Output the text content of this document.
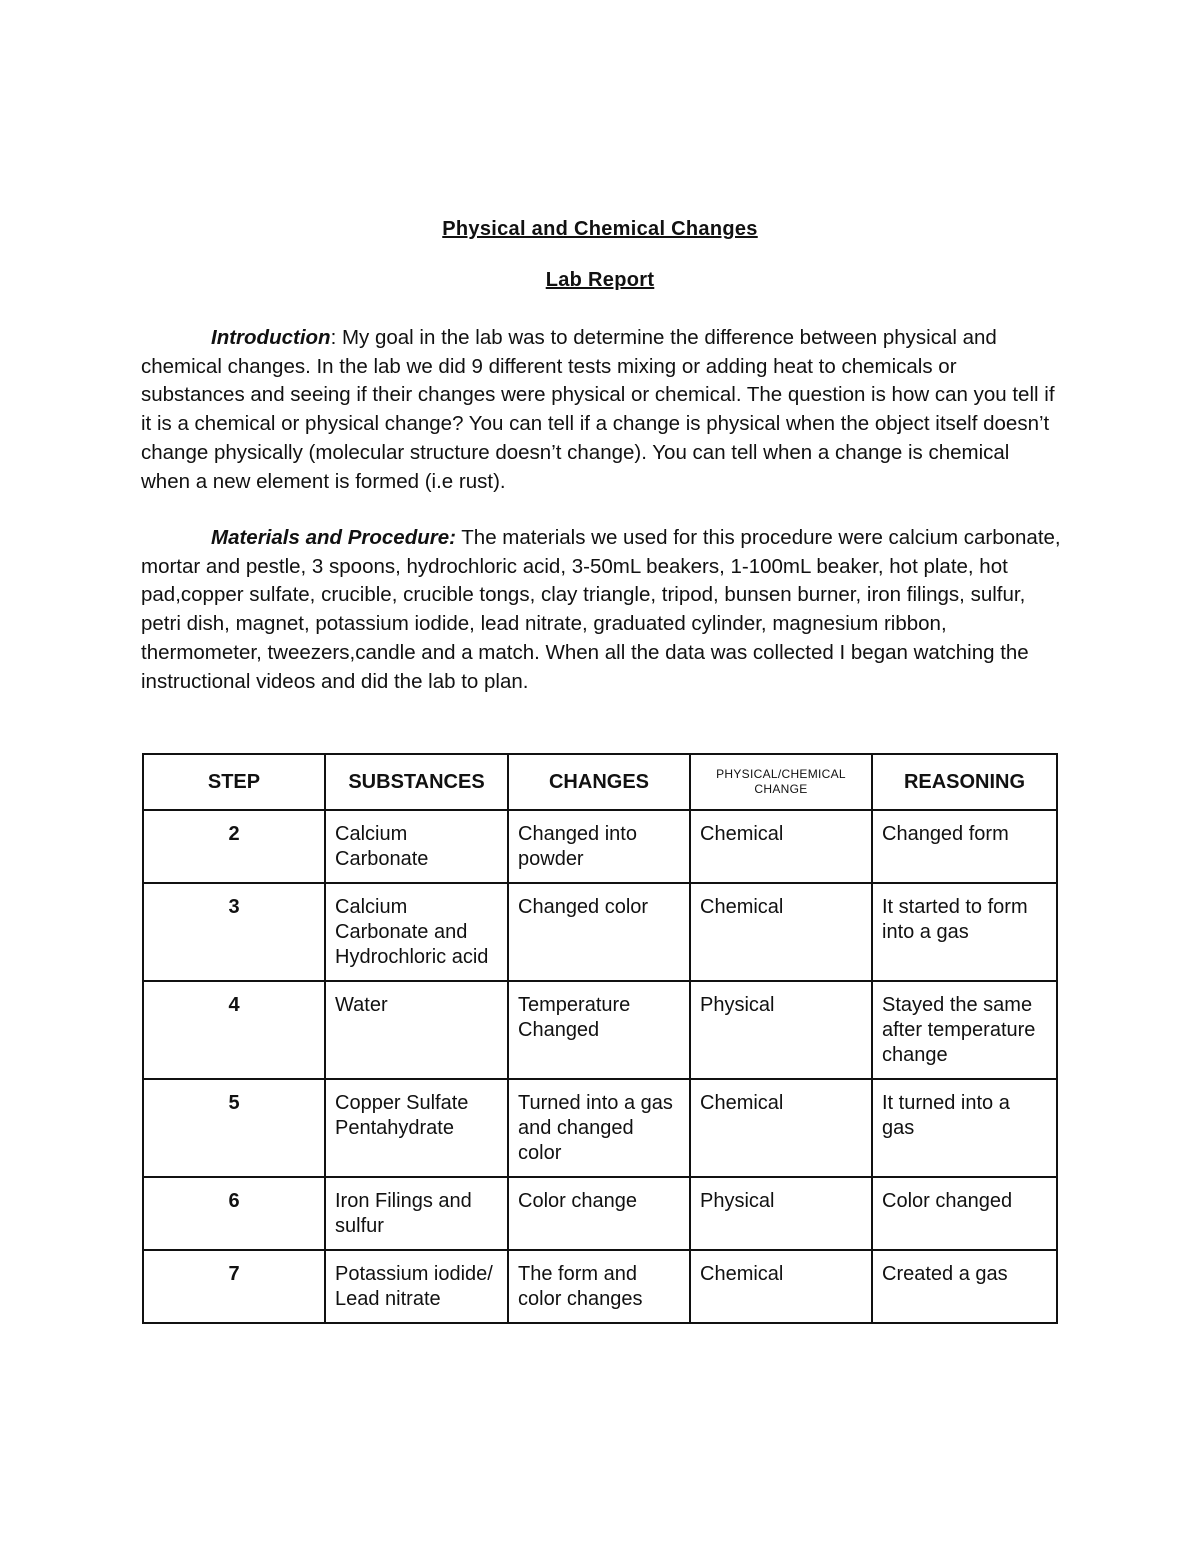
Physical and Chemical Changes
Lab Report

Introduction: My goal in the lab was to determine the difference between physical and chemical changes. In the lab we did 9 different tests mixing or adding heat to chemicals or substances and seeing if their changes were physical or chemical. The question is how can you tell if it is a chemical or physical change? You can tell if a change is physical when the object itself doesn’t change physically (molecular structure doesn’t change). You can tell when a change is chemical when a new element is formed (i.e rust).

Materials and Procedure: The materials we used for this procedure were calcium carbonate, mortar and pestle, 3 spoons, hydrochloric acid, 3-50mL beakers, 1-100mL beaker, hot plate, hot pad,copper sulfate, crucible, crucible tongs, clay triangle, tripod, bunsen burner, iron filings, sulfur, petri dish, magnet, potassium iodide, lead nitrate, graduated cylinder, magnesium ribbon, thermometer, tweezers,candle and a match. When all the data was collected I began watching the instructional videos and did the lab to plan.

STEP	SUBSTANCES	CHANGES	PHYSICAL/CHEMICAL CHANGE	REASONING
2	Calcium Carbonate	Changed into powder	Chemical	Changed form
3	Calcium Carbonate and Hydrochloric acid	Changed color	Chemical	It started to form into a gas
4	Water	Temperature Changed	Physical	Stayed the same after temperature change
5	Copper Sulfate Pentahydrate	Turned into a gas and changed color	Chemical	It turned into a gas
6	Iron Filings and sulfur	Color change	Physical	Color changed
7	Potassium iodide/ Lead nitrate	The form and color changes	Chemical	Created a gas
